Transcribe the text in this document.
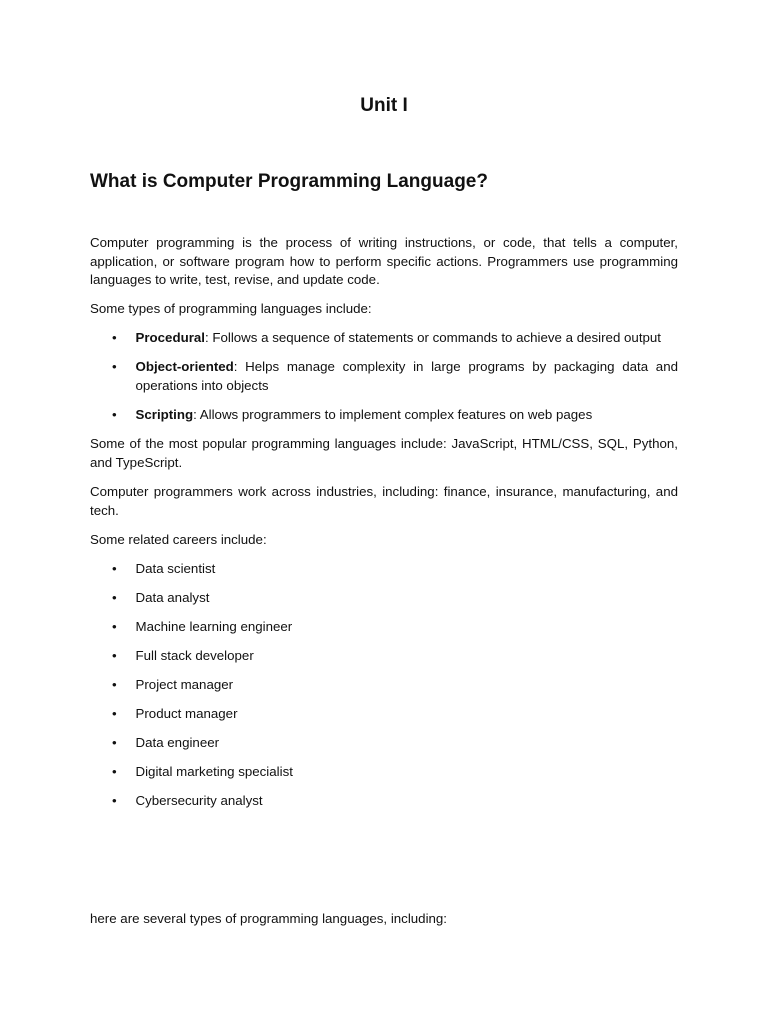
Unit I
What is Computer Programming Language?

Computer programming is the process of writing instructions, or code, that tells a computer, application, or software program how to perform specific actions. Programmers use programming languages to write, test, revise, and update code.

Some types of programming languages include:

•	Procedural: Follows a sequence of statements or commands to achieve a desired output
•	Object-oriented: Helps manage complexity in large programs by packaging data and operations into objects
•	Scripting: Allows programmers to implement complex features on web pages

Some of the most popular programming languages include: JavaScript, HTML/CSS, SQL, Python, and TypeScript.

Computer programmers work across industries, including: finance, insurance, manufacturing, and tech.

Some related careers include:

•	Data scientist
•	Data analyst
•	Machine learning engineer
•	Full stack developer
•	Project manager
•	Product manager
•	Data engineer
•	Digital marketing specialist
•	Cybersecurity analyst

here are several types of programming languages, including:
